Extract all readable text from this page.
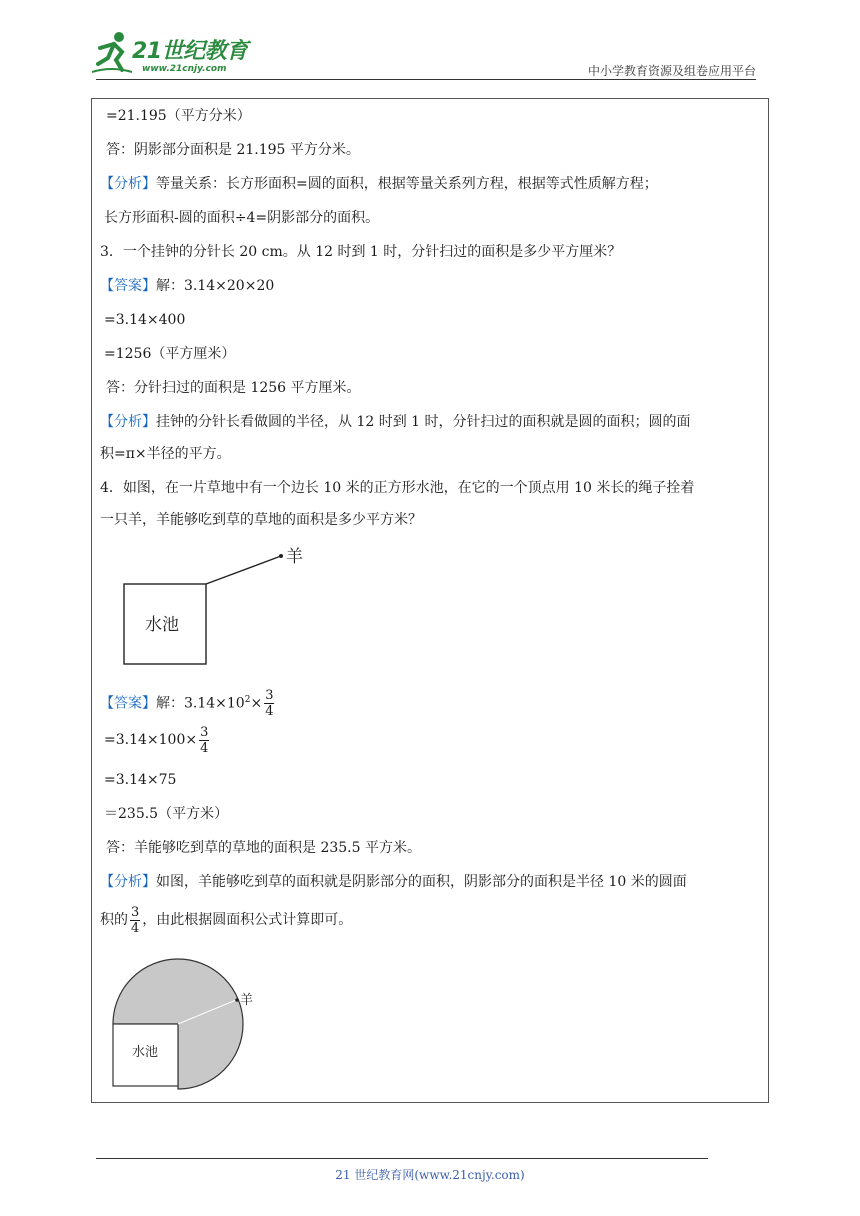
21世纪教育
www.21cnjy.com	中小学教育资源及组卷应用平台
=21.195（平方分米）
答：阴影部分面积是 21.195 平方分米。
【分析】等量关系：长方形面积=圆的面积，根据等量关系列方程，根据等式性质解方程；
长方形面积-圆的面积÷4=阴影部分的面积。
3．一个挂钟的分针长 20 cm。从 12 时到 1 时，分针扫过的面积是多少平方厘米？
【答案】解：3.14×20×20
=3.14×400
=1256（平方厘米）
答：分针扫过的面积是 1256 平方厘米。
【分析】挂钟的分针长看做圆的半径，从 12 时到 1 时，分针扫过的面积就是圆的面积；圆的面
积=π×半径的平方。
4．如图，在一片草地中有一个边长 10 米的正方形水池，在它的一个顶点用 10 米长的绳子拴着
一只羊，羊能够吃到草的草地的面积是多少平方米？
水池
羊
【答案】解：$3.14\times 10^2\times \frac{3}{4}$
$=3.14\times 100\times \frac{3}{4}$
=3.14×75
＝235.5（平方米）
答：羊能够吃到草的草地的面积是 235.5 平方米。
【分析】如图，羊能够吃到草的面积就是阴影部分的面积，阴影部分的面积是半径 10 米的圆面
积的 $\frac{3}{4}$ ，由此根据圆面积公式计算即可。
水池
羊
21 世纪教育网(www.21cnjy.com)
